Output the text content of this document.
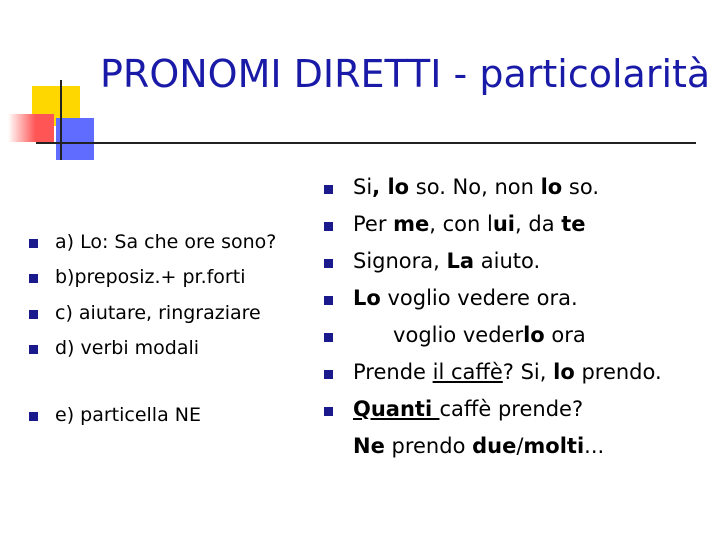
PRONOMI DIRETTI - particolarità
a) Lo: Sa che ore sono?
b)preposiz.+ pr.forti
c) aiutare, ringraziare
d) verbi modali
e) particella NE
Si, lo so. No, non lo so.
Per me, con lui, da te
Signora, La aiuto.
Lo voglio vedere ora.
voglio vederlo ora
Prende il caffè? Si, lo prendo.
Quanti caffè prende?
Ne prendo due/molti...
